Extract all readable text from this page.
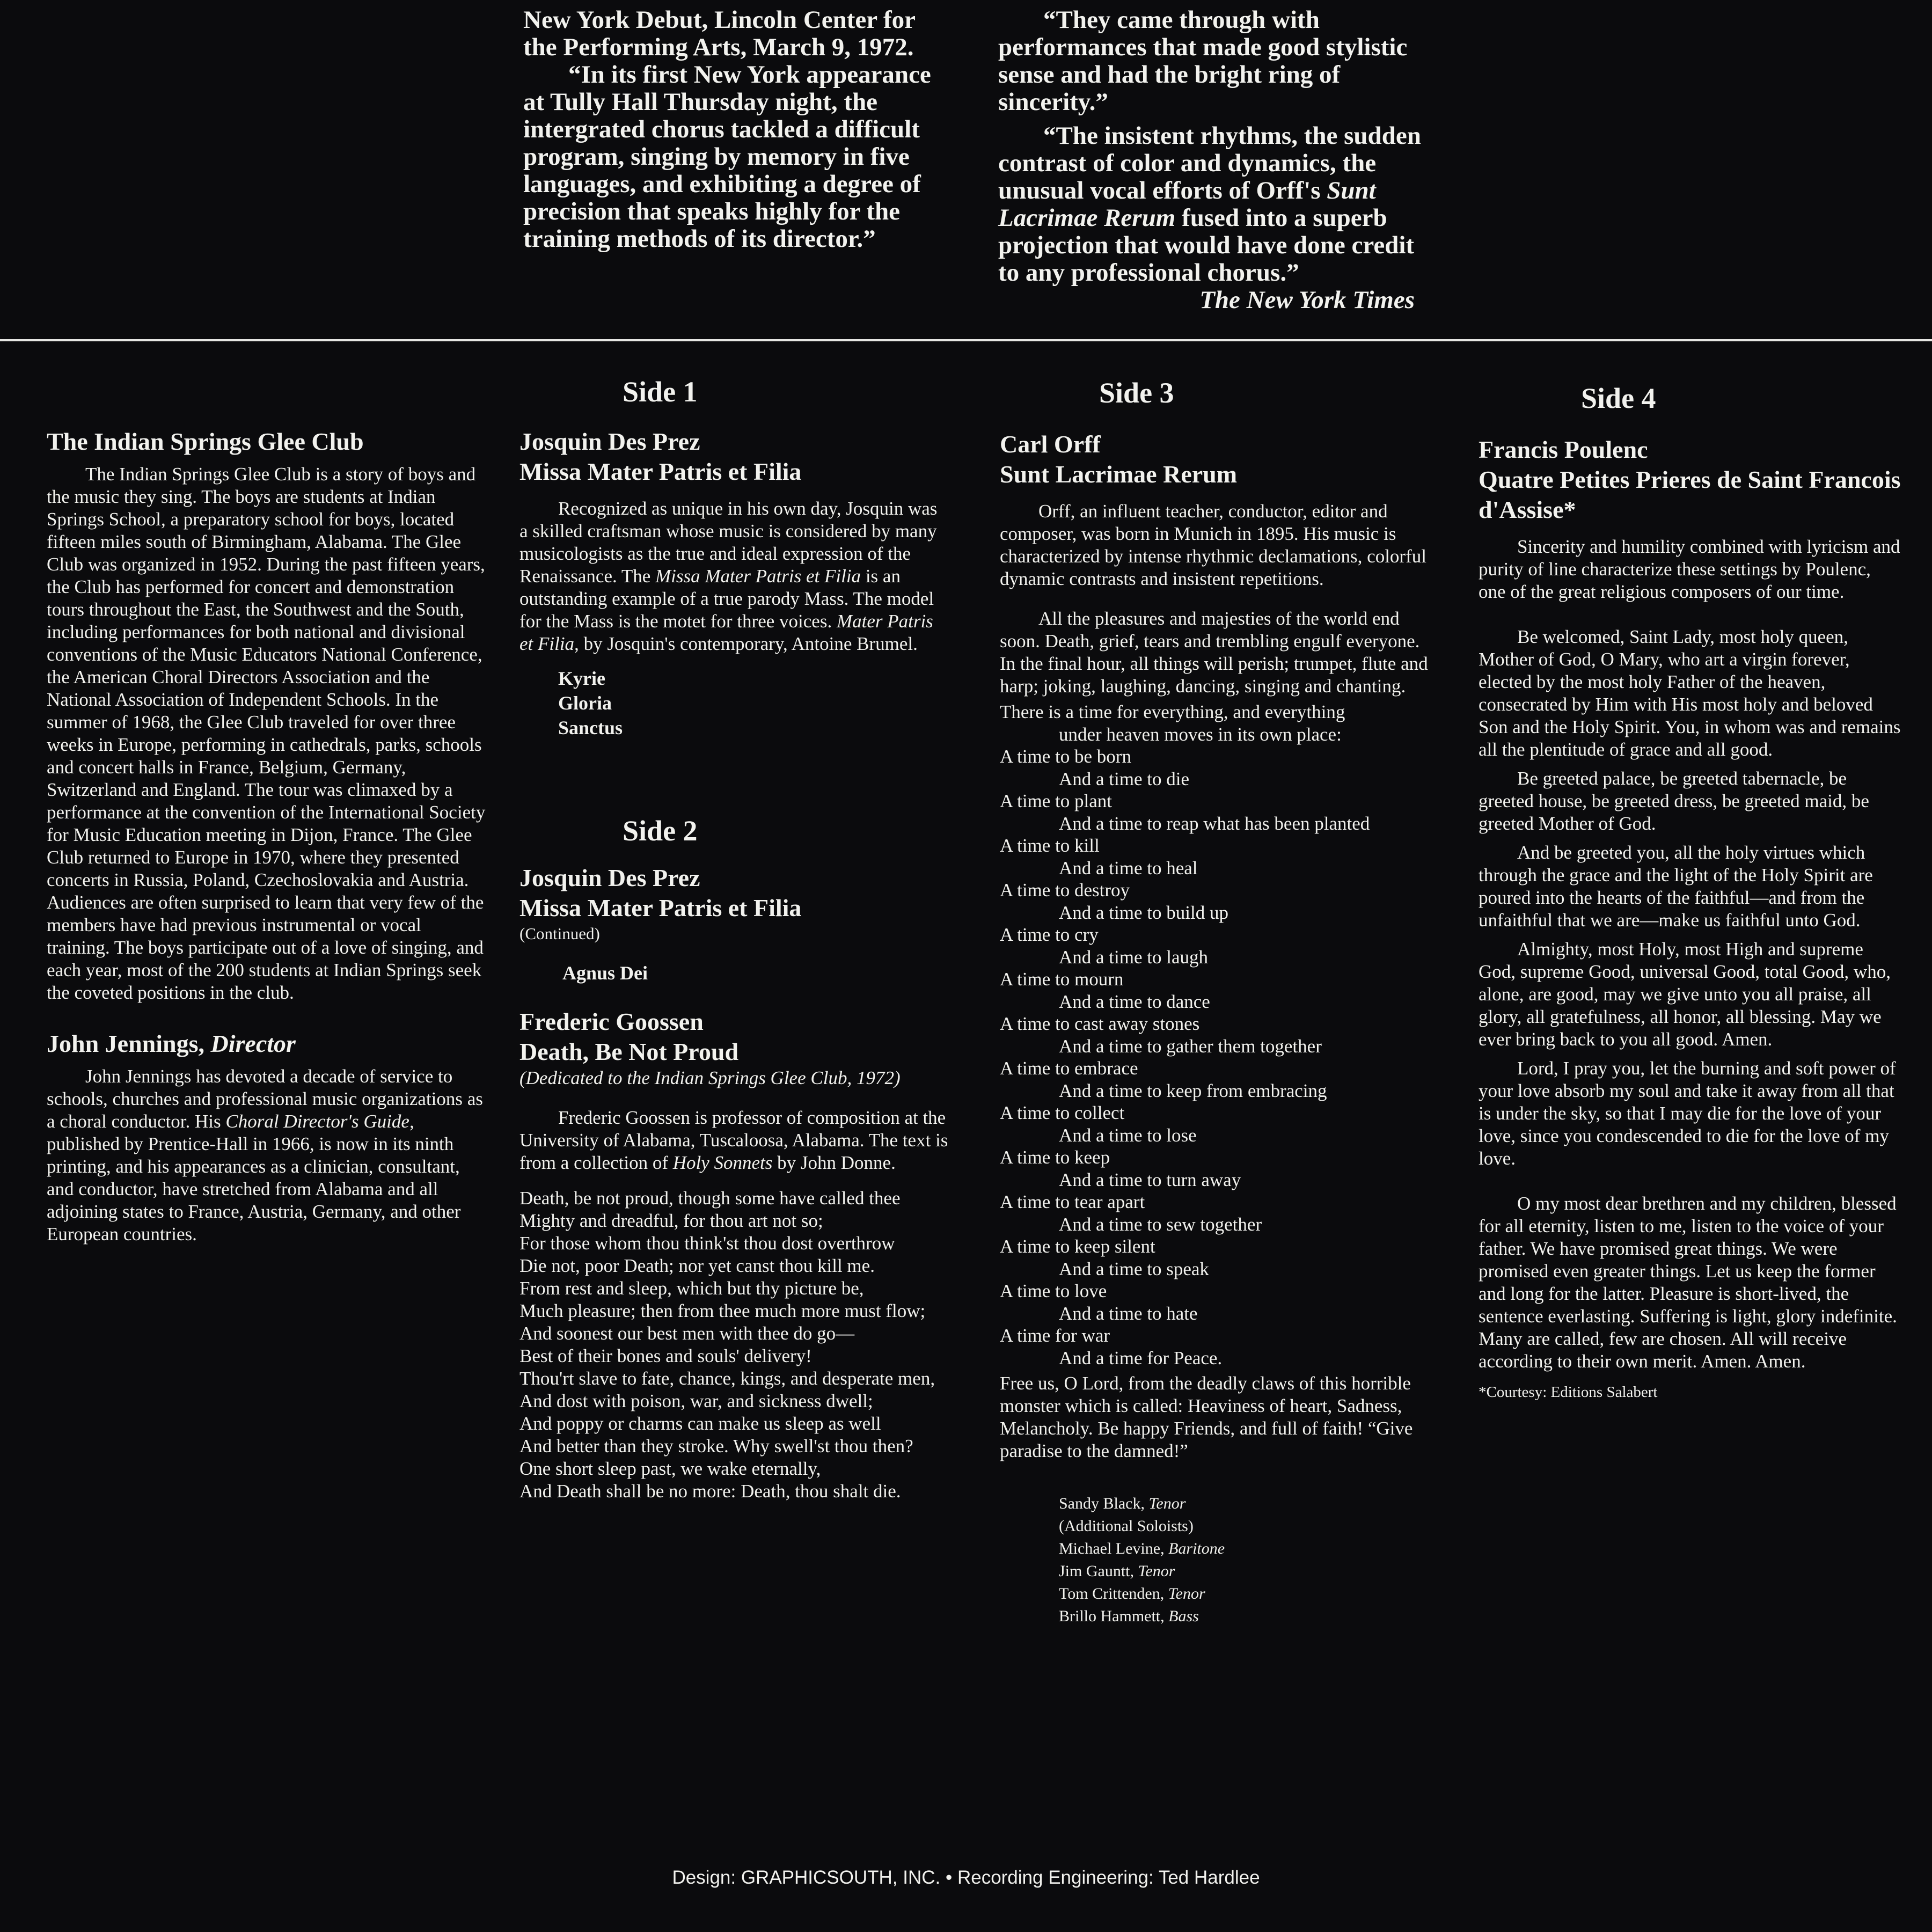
New York Debut, Lincoln Center for the Performing Arts, March 9, 1972.

“In its first New York appearance at Tully Hall Thursday night, the intergrated chorus tackled a difficult program, singing by memory in five languages, and exhibiting a degree of precision that speaks highly for the training methods of its director.”

“They came through with performances that made good stylistic sense and had the bright ring of sincerity.”

“The insistent rhythms, the sudden contrast of color and dynamics, the unusual vocal efforts of Orff's Sunt Lacrimae Rerum fused into a superb projection that would have done credit to any professional chorus.”

The New York Times

Side 1	Side 3	Side 4

The Indian Springs Glee Club

The Indian Springs Glee Club is a story of boys and the music they sing. The boys are students at Indian Springs School, a preparatory school for boys, located fifteen miles south of Birmingham, Alabama. The Glee Club was organized in 1952. During the past fifteen years, the Club has performed for concert and demonstration tours throughout the East, the Southwest and the South, including performances for both national and divisional conventions of the Music Educators National Conference, the American Choral Directors Association and the National Association of Independent Schools. In the summer of 1968, the Glee Club traveled for over three weeks in Europe, performing in cathedrals, parks, schools and concert halls in France, Belgium, Germany, Switzerland and England. The tour was climaxed by a performance at the convention of the International Society for Music Education meeting in Dijon, France. The Glee Club returned to Europe in 1970, where they presented concerts in Russia, Poland, Czechoslovakia and Austria. Audiences are often surprised to learn that very few of the members have had previous instrumental or vocal training. The boys participate out of a love of singing, and each year, most of the 200 students at Indian Springs seek the coveted positions in the club.

John Jennings, Director

John Jennings has devoted a decade of service to schools, churches and professional music organizations as a choral conductor. His Choral Director's Guide, published by Prentice-Hall in 1966, is now in its ninth printing, and his appearances as a clinician, consultant, and conductor, have stretched from Alabama and all adjoining states to France, Austria, Germany, and other European countries.

Josquin Des Prez

Missa Mater Patris et Filia

Recognized as unique in his own day, Josquin was a skilled craftsman whose music is considered by many musicologists as the true and ideal expression of the Renaissance. The Missa Mater Patris et Filia is an outstanding example of a true parody Mass. The model for the Mass is the motet for three voices. Mater Patris et Filia, by Josquin's contemporary, Antoine Brumel.

Kyrie

Gloria

Sanctus

Side 2

Josquin Des Prez

Missa Mater Patris et Filia

(Continued)

Agnus Dei

Frederic Goossen

Death, Be Not Proud

(Dedicated to the Indian Springs Glee Club, 1972)

Frederic Goossen is professor of composition at the University of Alabama, Tuscaloosa, Alabama. The text is from a collection of Holy Sonnets by John Donne.

Death, be not proud, though some have called thee

Mighty and dreadful, for thou art not so;

For those whom thou think'st thou dost overthrow

Die not, poor Death; nor yet canst thou kill me.

From rest and sleep, which but thy picture be,

Much pleasure; then from thee much more must flow;

And soonest our best men with thee do go—

Best of their bones and souls' delivery!

Thou'rt slave to fate, chance, kings, and desperate men,

And dost with poison, war, and sickness dwell;

And poppy or charms can make us sleep as well

And better than they stroke. Why swell'st thou then?

One short sleep past, we wake eternally,

And Death shall be no more: Death, thou shalt die.

Carl Orff

Sunt Lacrimae Rerum

Orff, an influent teacher, conductor, editor and composer, was born in Munich in 1895. His music is characterized by intense rhythmic declamations, colorful dynamic contrasts and insistent repetitions.

All the pleasures and majesties of the world end soon. Death, grief, tears and trembling engulf everyone. In the final hour, all things will perish; trumpet, flute and harp; joking, laughing, dancing, singing and chanting.

There is a time for everything, and everything

under heaven moves in its own place:

A time to be born

And a time to die

A time to plant

And a time to reap what has been planted

A time to kill

And a time to heal

A time to destroy

And a time to build up

A time to cry

And a time to laugh

A time to mourn

And a time to dance

A time to cast away stones

And a time to gather them together

A time to embrace

And a time to keep from embracing

A time to collect

And a time to lose

A time to keep

And a time to turn away

A time to tear apart

And a time to sew together

A time to keep silent

And a time to speak

A time to love

And a time to hate

A time for war

And a time for Peace.

Free us, O Lord, from the deadly claws of this horrible monster which is called: Heaviness of heart, Sadness, Melancholy. Be happy Friends, and full of faith! “Give paradise to the damned!”

Sandy Black, Tenor

(Additional Soloists)

Michael Levine, Baritone

Jim Gauntt, Tenor

Tom Crittenden, Tenor

Brillo Hammett, Bass

Francis Poulenc

Quatre Petites Prieres de Saint Francois d'Assise*

Sincerity and humility combined with lyricism and purity of line characterize these settings by Poulenc, one of the great religious composers of our time.

Be welcomed, Saint Lady, most holy queen, Mother of God, O Mary, who art a virgin forever, elected by the most holy Father of the heaven, consecrated by Him with His most holy and beloved Son and the Holy Spirit. You, in whom was and remains all the plentitude of grace and all good.

Be greeted palace, be greeted tabernacle, be greeted house, be greeted dress, be greeted maid, be greeted Mother of God.

And be greeted you, all the holy virtues which through the grace and the light of the Holy Spirit are poured into the hearts of the faithful—and from the unfaithful that we are—make us faithful unto God.

Almighty, most Holy, most High and supreme God, supreme Good, universal Good, total Good, who, alone, are good, may we give unto you all praise, all glory, all gratefulness, all honor, all blessing. May we ever bring back to you all good. Amen.

Lord, I pray you, let the burning and soft power of your love absorb my soul and take it away from all that is under the sky, so that I may die for the love of your love, since you condescended to die for the love of my love.

O my most dear brethren and my children, blessed for all eternity, listen to me, listen to the voice of your father. We have promised great things. We were promised even greater things. Let us keep the former and long for the latter. Pleasure is short-lived, the sentence everlasting. Suffering is light, glory indefinite. Many are called, few are chosen. All will receive according to their own merit. Amen. Amen.

*Courtesy: Editions Salabert

Design: GRAPHICSOUTH, INC. • Recording Engineering: Ted Hardlee
